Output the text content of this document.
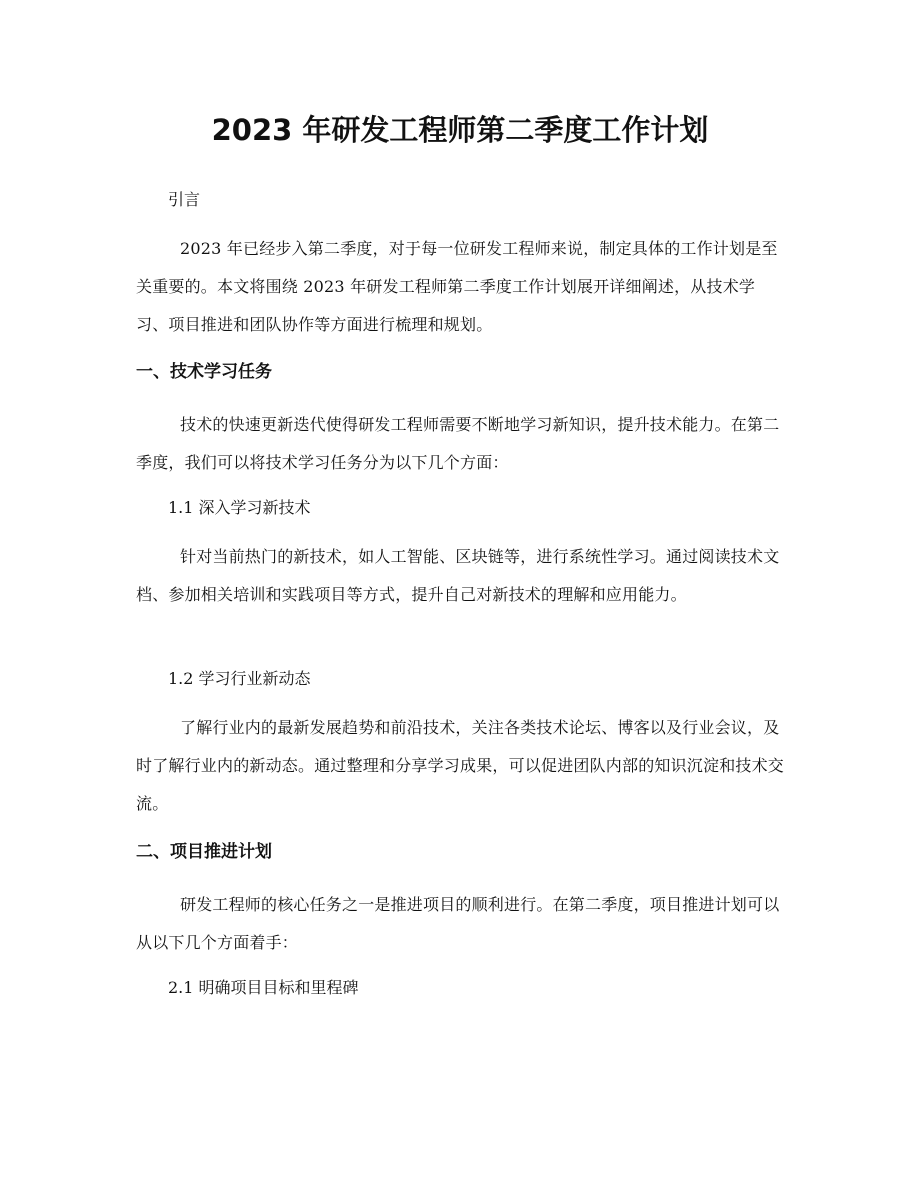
2023 年研发工程师第二季度工作计划

引言

2023 年已经步入第二季度，对于每一位研发工程师来说，制定具体的工作计划是至关重要的。本文将围绕 2023 年研发工程师第二季度工作计划展开详细阐述，从技术学习、项目推进和团队协作等方面进行梳理和规划。

一、技术学习任务

技术的快速更新迭代使得研发工程师需要不断地学习新知识，提升技术能力。在第二季度，我们可以将技术学习任务分为以下几个方面：

1.1 深入学习新技术

针对当前热门的新技术，如人工智能、区块链等，进行系统性学习。通过阅读技术文档、参加相关培训和实践项目等方式，提升自己对新技术的理解和应用能力。

1.2 学习行业新动态

了解行业内的最新发展趋势和前沿技术，关注各类技术论坛、博客以及行业会议，及时了解行业内的新动态。通过整理和分享学习成果，可以促进团队内部的知识沉淀和技术交流。

二、项目推进计划

研发工程师的核心任务之一是推进项目的顺利进行。在第二季度，项目推进计划可以从以下几个方面着手：

2.1 明确项目目标和里程碑
